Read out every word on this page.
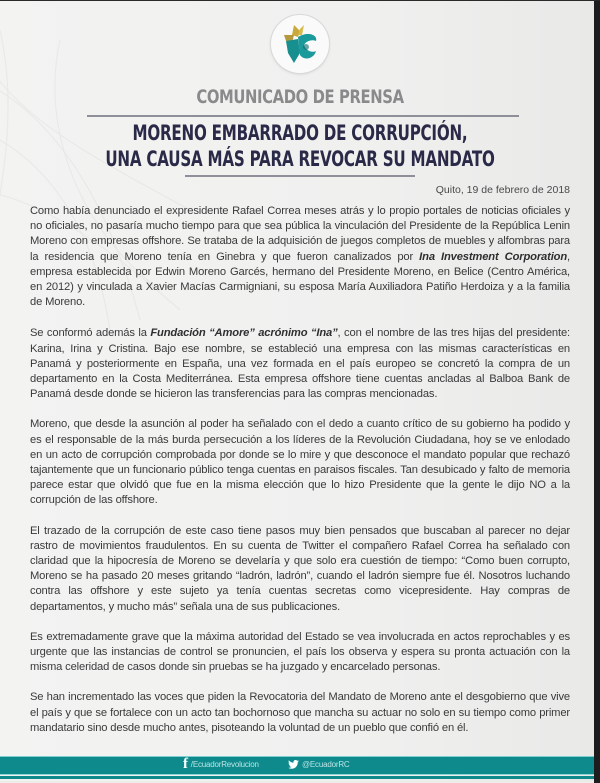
COMUNICADO DE PRENSA
MORENO EMBARRADO DE CORRUPCIÓN,
UNA CAUSA MÁS PARA REVOCAR SU MANDATO
Quito, 19 de febrero de 2018

Como había denunciado el expresidente Rafael Correa meses atrás y lo propio portales de noticias oficiales y no oficiales, no pasaría mucho tiempo para que sea pública la vinculación del Presidente de la República Lenin Moreno con empresas offshore. Se trataba de la adquisición de juegos completos de muebles y alfombras para la residencia que Moreno tenía en Ginebra y que fueron canalizados por Ina Investment Corporation, empresa establecida por Edwin Moreno Garcés, hermano del Presidente Moreno, en Belice (Centro América, en 2012) y vinculada a Xavier Macías Carmigniani, su esposa María Auxiliadora Patiño Herdoiza y a la familia de Moreno.

Se conformó además la Fundación “Amore” acrónimo “Ina”, con el nombre de las tres hijas del presidente: Karina, Irina y Cristina. Bajo ese nombre, se estableció una empresa con las mismas características en Panamá y posteriormente en España, una vez formada en el país europeo se concretó la compra de un departamento en la Costa Mediterránea. Esta empresa offshore tiene cuentas ancladas al Balboa Bank de Panamá desde donde se hicieron las transferencias para las compras mencionadas.

Moreno, que desde la asunción al poder ha señalado con el dedo a cuanto crítico de su gobierno ha podido y es el responsable de la más burda persecución a los líderes de la Revolución Ciudadana, hoy se ve enlodado en un acto de corrupción comprobada por donde se lo mire y que desconoce el mandato popular que rechazó tajantemente que un funcionario público tenga cuentas en paraisos fiscales. Tan desubicado y falto de memoria parece estar que olvidó que fue en la misma elección que lo hizo Presidente que la gente le dijo NO a la corrupción de las offshore.

El trazado de la corrupción de este caso tiene pasos muy bien pensados que buscaban al parecer no dejar rastro de movimientos fraudulentos. En su cuenta de Twitter el compañero Rafael Correa ha señalado con claridad que la hipocresía de Moreno se develaría y que solo era cuestión de tiempo: “Como buen corrupto, Moreno se ha pasado 20 meses gritando “ladrón, ladrón”, cuando el ladrón siempre fue él. Nosotros luchando contra las offshore y este sujeto ya tenía cuentas secretas como vicepresidente. Hay compras de departamentos, y mucho más” señala una de sus publicaciones.

Es extremadamente grave que la máxima autoridad del Estado se vea involucrada en actos reprochables y es urgente que las instancias de control se pronuncien, el país los observa y espera su pronta actuación con la misma celeridad de casos donde sin pruebas se ha juzgado y encarcelado personas.

Se han incrementado las voces que piden la Revocatoria del Mandato de Moreno ante el desgobierno que vive el país y que se fortalece con un acto tan bochornoso que mancha su actuar no solo en su tiempo como primer mandatario sino desde mucho antes, pisoteando la voluntad de un pueblo que confió en él.

f /EcuadorRevolucion	@EcuadorRC
